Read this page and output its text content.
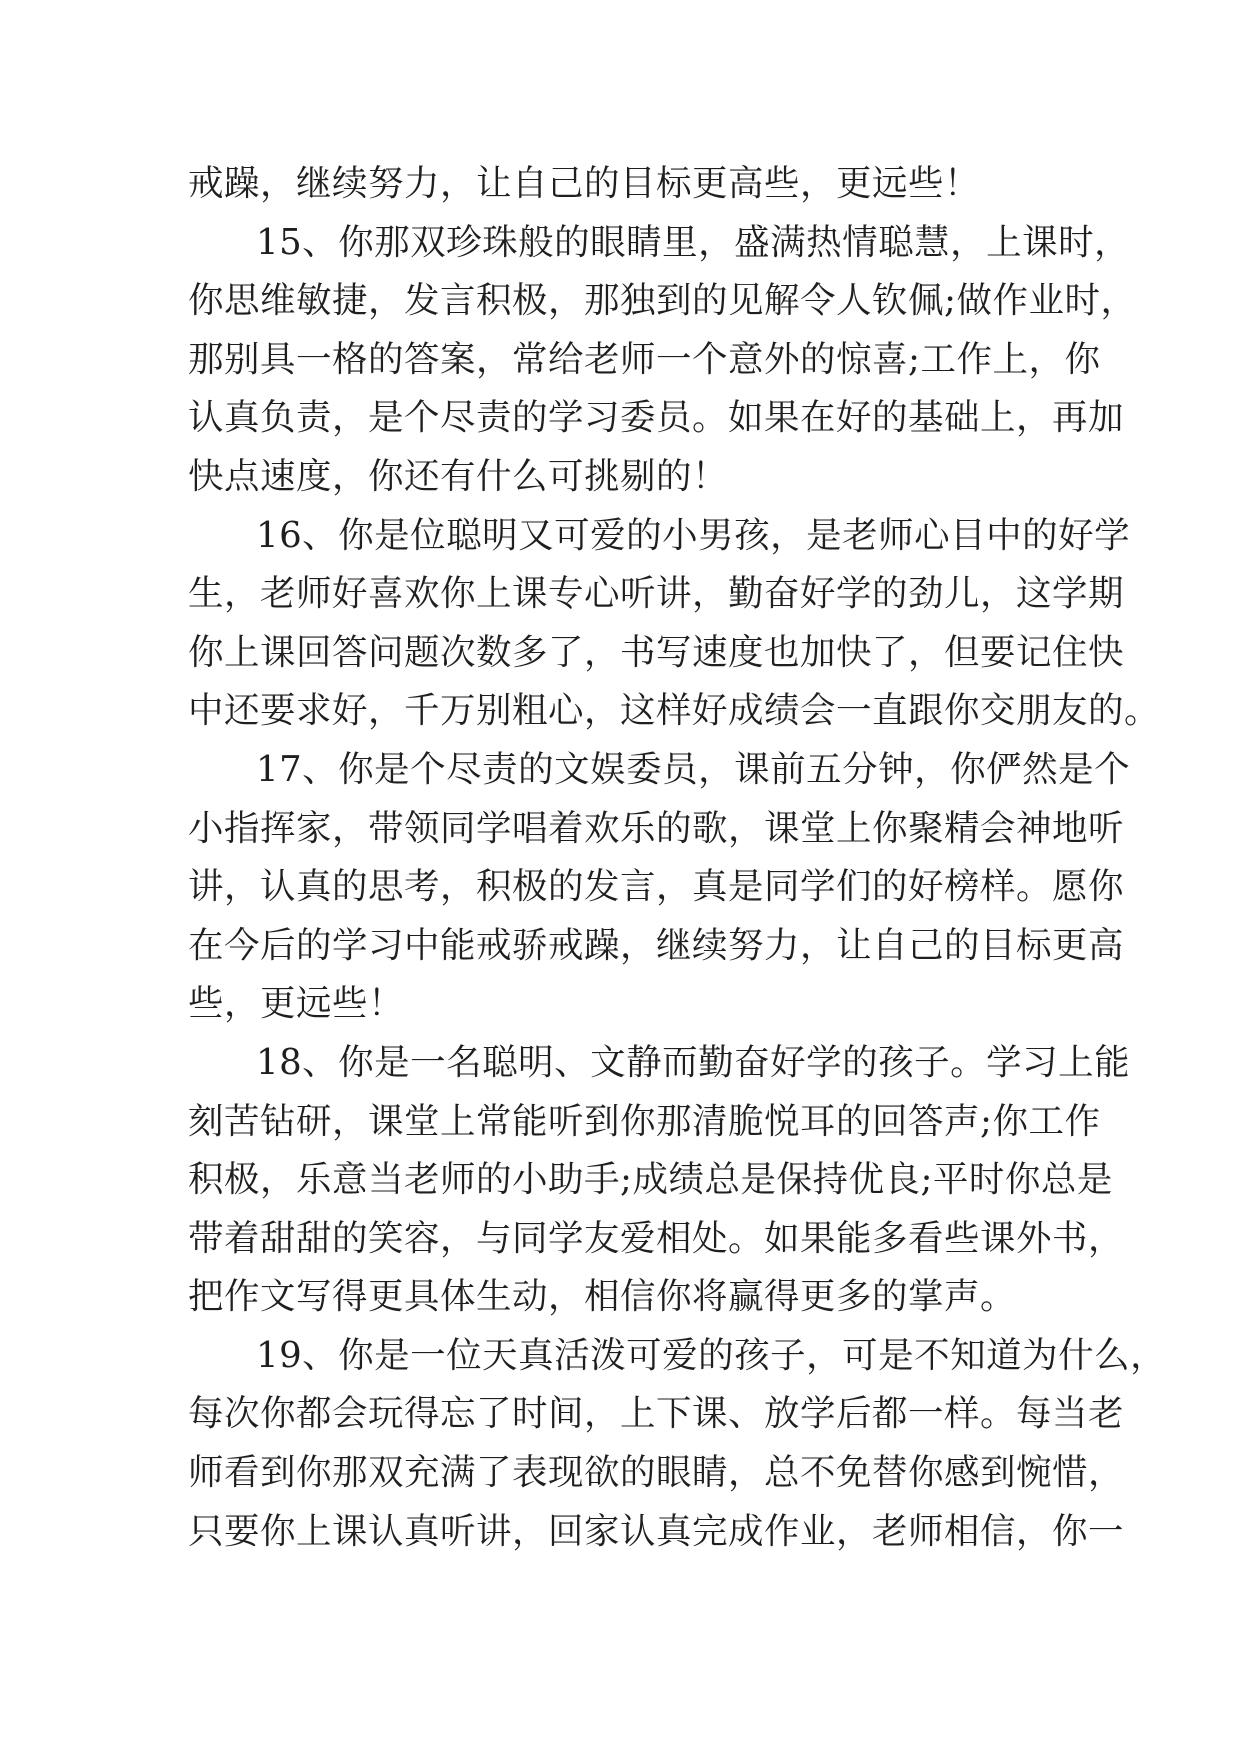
戒躁，继续努力，让自己的目标更高些，更远些！
15、你那双珍珠般的眼睛里，盛满热情聪慧，上课时，
你思维敏捷，发言积极，那独到的见解令人钦佩;做作业时，
那别具一格的答案，常给老师一个意外的惊喜;工作上，你
认真负责，是个尽责的学习委员。如果在好的基础上，再加
快点速度，你还有什么可挑剔的！
16、你是位聪明又可爱的小男孩，是老师心目中的好学
生，老师好喜欢你上课专心听讲，勤奋好学的劲儿，这学期
你上课回答问题次数多了，书写速度也加快了，但要记住快
中还要求好，千万别粗心，这样好成绩会一直跟你交朋友的。
17、你是个尽责的文娱委员，课前五分钟，你俨然是个
小指挥家，带领同学唱着欢乐的歌，课堂上你聚精会神地听
讲，认真的思考，积极的发言，真是同学们的好榜样。愿你
在今后的学习中能戒骄戒躁，继续努力，让自己的目标更高
些，更远些！
18、你是一名聪明、文静而勤奋好学的孩子。学习上能
刻苦钻研，课堂上常能听到你那清脆悦耳的回答声;你工作
积极，乐意当老师的小助手;成绩总是保持优良;平时你总是
带着甜甜的笑容，与同学友爱相处。如果能多看些课外书，
把作文写得更具体生动，相信你将赢得更多的掌声。
19、你是一位天真活泼可爱的孩子，可是不知道为什么，
每次你都会玩得忘了时间，上下课、放学后都一样。每当老
师看到你那双充满了表现欲的眼睛，总不免替你感到惋惜，
只要你上课认真听讲，回家认真完成作业，老师相信，你一
